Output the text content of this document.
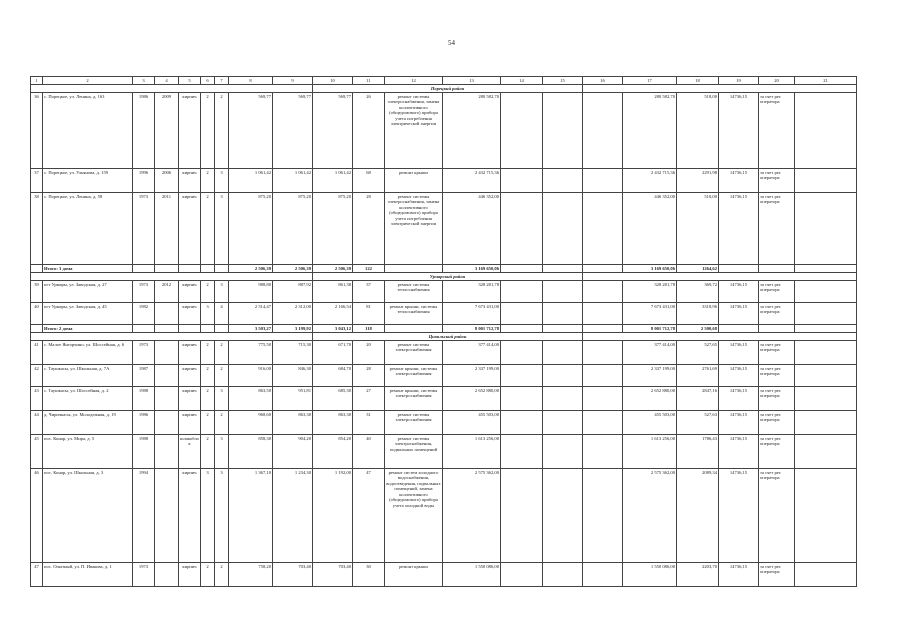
54
1	2	3	4	5	6	7	8	9	10	11	12	13	14	15	16	17	18	19	20	21
									Порецкий район											
36	с. Порецкое, ул. Ленина, д. 163	1986	2009	кирпич	2	2	569,77	569,77	569,77	26	ремонт системы электроснабжения, замена коллективного (общедомового) прибора учета потребления электрической энергии	280 582,70				280 582,70	518,00	14736,15	за счет рег. оператора	
37	с. Порецкое, ул. Ульянова, д. 159	1996	2006	кирпич	2	3	1 061,42	1 061,42	1 061,42	68	ремонт крыши	2 432 715,36				2 432 715,36	2291,98	14736,15	за счет рег. оператора	
38	с. Порецкое, ул. Ленина, д. 58	1973	2011	кирпич	2	3	875,20	875,20	875,20	28	ремонт системы электроснабжения, замена коллективного (общедомового) прибора учета потребления электрической энергии	446 352,00				446 352,00	510,00	14736,15	за счет рег. оператора	
	Итого: 3 дома						2 506,39	2 506,39	2 506,39	122		3 169 650,06				3 169 650,06	1264,62			
									Урмарский район											
39	пгт Урмары, ул. Заводская, д. 27	1973	2012	кирпич	2	3	988,80	887,92	861,38	37	ремонт системы теплоснабжения	328 281,78				328 281,78	369,72	14736,15	за счет рег. оператора	
40	пгт Урмары, ул. Заводская, д. 45	1982		кирпич	3	4	2 514,47	2 312,00	2 166,54	81	ремонт крыши, системы теплоснабжения	7 673 431,00				7 673 431,00	3318,96	14736,15	за счет рег. оператора	
	Итого: 2 дома						3 503,27	3 199,92	3 043,12	118		8 001 712,78				8 001 712,78	2 500,68			
									Цивильский район											
41	с. Малое Янгорчино, ул. Шоссейная, д. 6	1973		кирпич	2	2	775,50	715,30	671,70	20	ремонт системы электроснабжения	377 414,00				377 414,00	527,65	14736,15	за счет рег. оператора	
42	с. Таушкасы, ул. Школьная, д. 7А	1987		кирпич	2	2	916,00	846,30	684,70	28	ремонт крыши, системы электроснабжения	2 337 199,00				2 337 199,00	2761,69	14736,15	за счет рег. оператора	
43	с. Таушкасы, ул. Шоссейная, д. 2	1988		кирпич	2	3	863,50	951,81	685,30	27	ремонт крыши, системы электроснабжения	2 652 880,00				2 652 880,00	2847,16	14736,15	за счет рег. оператора	
44	д. Чиричкасы, ул. Молодежная, д. 19	1986		кирпич	2	2	968,60	863,30	863,30	31	ремонт системы электроснабжения	455 503,00				455 503,00	527,63	14736,15	за счет рег. оператора	
45	пос. Конар, ул. Мира, д. 5	1988		шлакоблок	2	3	858,30	904,20	854,20	40	ремонт системы электроснабжения, подвальных помещений	1 613 256,00				1 613 256,00	1786,43	14736,15	за счет рег. оператора	
46	пос. Конар, ул. Школьная, д. 3	1994		кирпич	3	3	1 367,10	1 234,30	1 192,00	47	ремонт систем холодного водоснабжения, водоотведения, подвальных помещений, замена коллективного (общедомового) прибора учета холодной воды	2 575 362,00				2 575 362,00	2089,34	14736,15	за счет рег. оператора	
47	пос. Опытный, ул. П. Ивакова, д. 1	1973		кирпич	2	2	758,20	703,40	703,40	30	ремонт крыши	1 550 086,00				1 550 086,00	2203,70	14736,15	за счет рег. оператора	
